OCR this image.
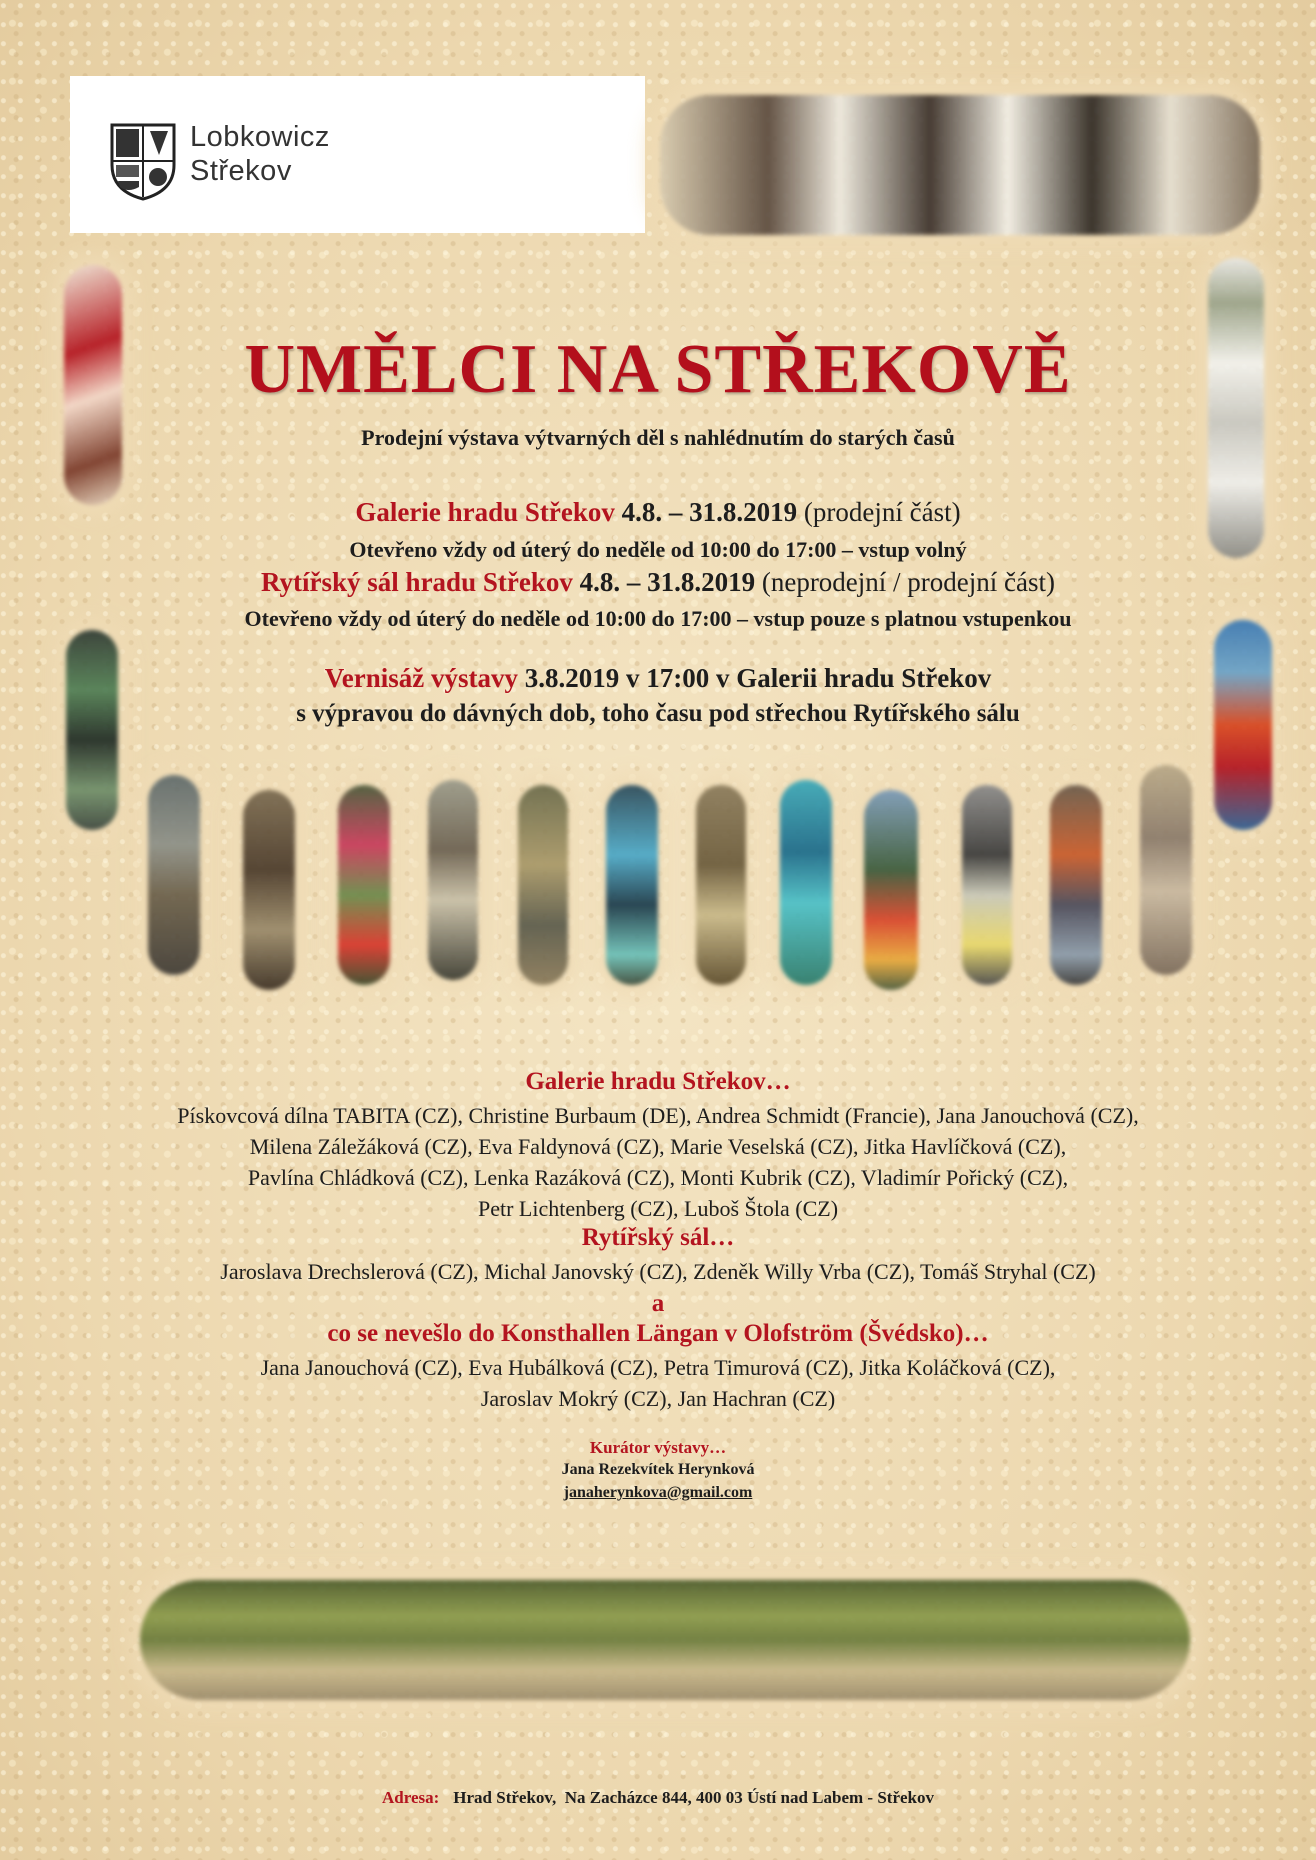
Lobkowicz
Střekov
UMĚLCI NA STŘEKOVĚ
Prodejní výstava výtvarných děl s nahlédnutím do starých časů
Galerie hradu Střekov 4.8. – 31.8.2019 (prodejní část)
Otevřeno vždy od úterý do neděle od 10:00 do 17:00 – vstup volný
Rytířský sál hradu Střekov 4.8. – 31.8.2019 (neprodejní / prodejní část)
Otevřeno vždy od úterý do neděle od 10:00 do 17:00 – vstup pouze s platnou vstupenkou
Vernisáž výstavy 3.8.2019 v 17:00 v Galerii hradu Střekov
s výpravou do dávných dob, toho času pod střechou Rytířského sálu
Galerie hradu Střekov…
Pískovcová dílna TABITA (CZ), Christine Burbaum (DE), Andrea Schmidt (Francie), Jana Janouchová (CZ),
Milena Záležáková (CZ), Eva Faldynová (CZ), Marie Veselská (CZ), Jitka Havlíčková (CZ),
Pavlína Chládková (CZ), Lenka Razáková (CZ), Monti Kubrik (CZ), Vladimír Pořický (CZ),
Petr Lichtenberg (CZ), Luboš Štola (CZ)
Rytířský sál…
Jaroslava Drechslerová (CZ), Michal Janovský (CZ), Zdeněk Willy Vrba (CZ), Tomáš Stryhal (CZ)
a
co se nevešlo do Konsthallen Längan v Olofström (Švédsko)…
Jana Janouchová (CZ), Eva Hubálková (CZ), Petra Timurová (CZ), Jitka Koláčková (CZ),
Jaroslav Mokrý (CZ), Jan Hachran (CZ)
Kurátor výstavy…
Jana Rezekvítek Herynková
janaherynkova@gmail.com
Adresa: Hrad Střekov,  Na Zacházce 844, 400 03 Ústí nad Labem - Střekov
